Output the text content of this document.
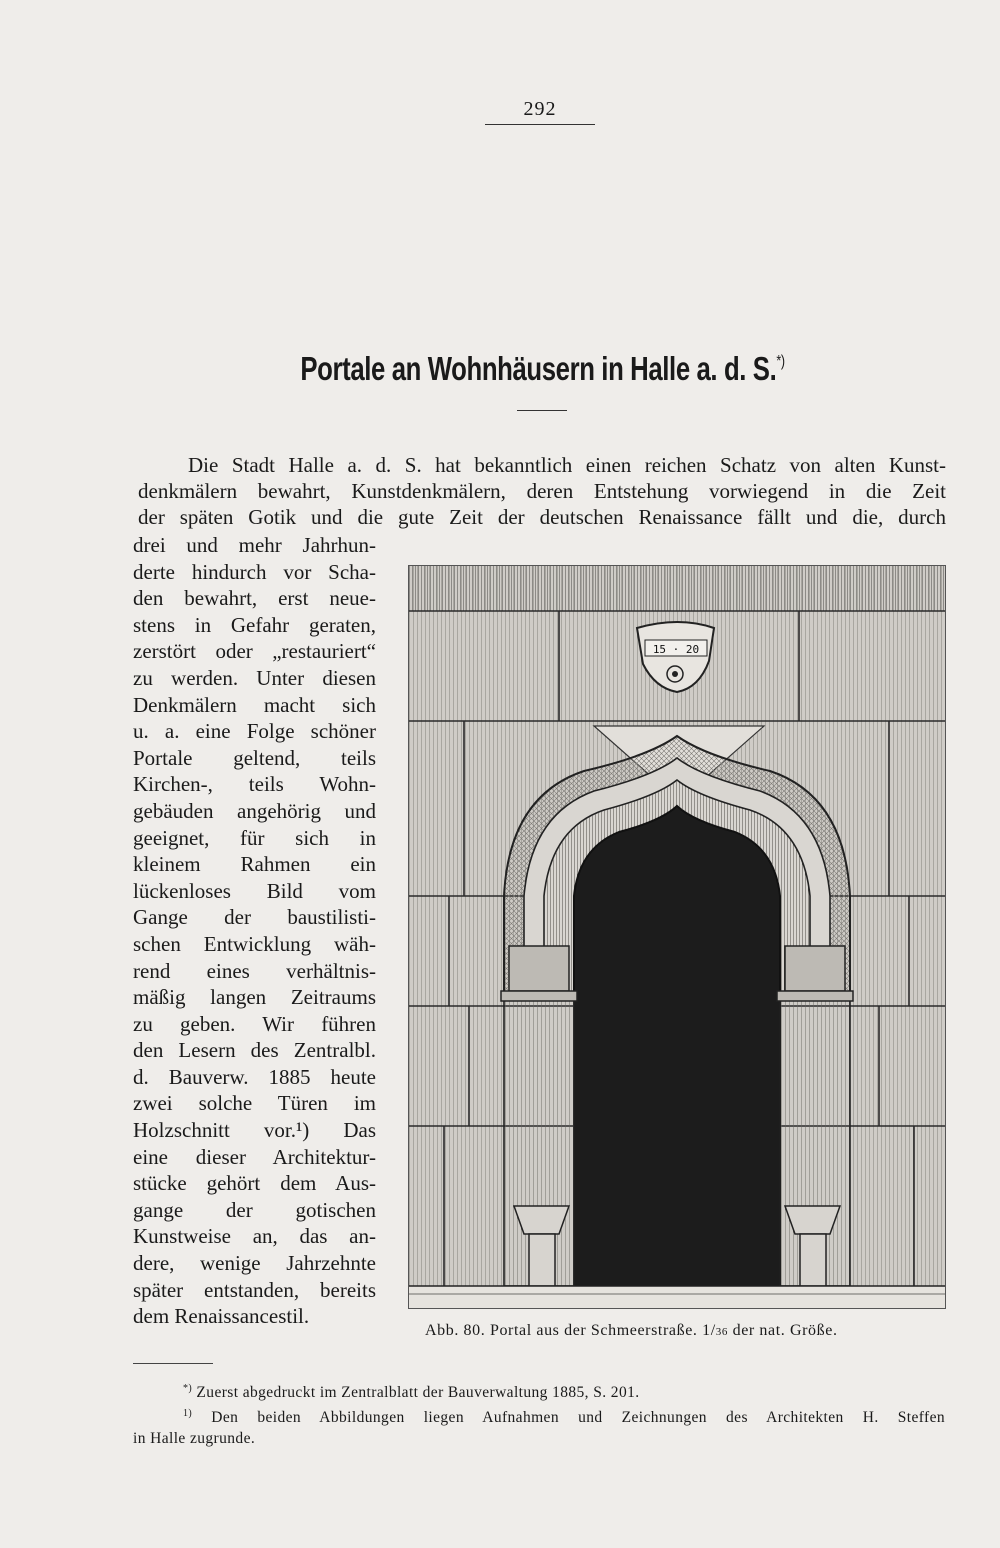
292
Portale an Wohnhäusern in Halle a. d. S.*)
Die Stadt Halle a. d. S. hat bekanntlich einen reichen Schatz von alten Kunst-
denkmälern bewahrt, Kunstdenkmälern, deren Entstehung vorwiegend in die Zeit
der späten Gotik und die gute Zeit der deutschen Renaissance fällt und die, durch
drei und mehr Jahrhun-
derte hindurch vor Scha-
den bewahrt, erst neue-
stens in Gefahr geraten,
zerstört oder „restauriert“
zu werden. Unter diesen
Denkmälern macht sich
u. a. eine Folge schöner
Portale geltend, teils
Kirchen-, teils Wohn-
gebäuden angehörig und
geeignet, für sich in
kleinem Rahmen ein
lückenloses Bild vom
Gange der baustilisti-
schen Entwicklung wäh-
rend eines verhältnis-
mäßig langen Zeitraums
zu geben. Wir führen
den Lesern des Zentralbl.
d. Bauverw. 1885 heute
zwei solche Türen im
Holzschnitt vor.¹) Das
eine dieser Architektur-
stücke gehört dem Aus-
gange der gotischen
Kunstweise an, das an-
dere, wenige Jahrzehnte
später entstanden, bereits
dem Renaissancestil.
15 · 20
Abb. 80. Portal aus der Schmeerstraße. 1/36 der nat. Größe.
*) Zuerst abgedruckt im Zentralblatt der Bauverwaltung 1885, S. 201.
$^{1)}$ Den beiden Abbildungen liegen Aufnahmen und Zeichnungen des Architekten H. Steffen
in Halle zugrunde.
